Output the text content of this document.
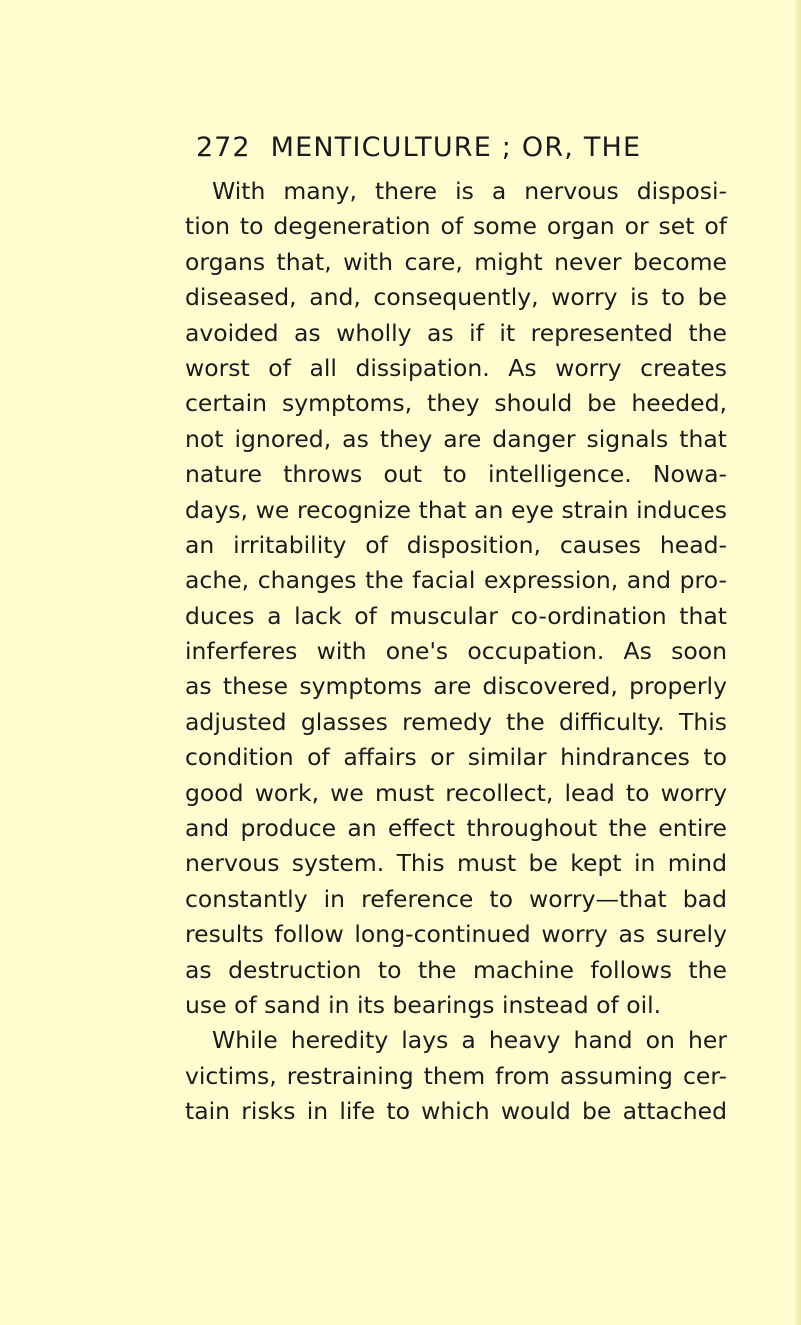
272 MENTICULTURE ; OR, THE
With many, there is a nervous disposi-
tion to degeneration of some organ or set of
organs that, with care, might never become
diseased, and, consequently, worry is to be
avoided as wholly as if it represented the
worst of all dissipation. As worry creates
certain symptoms, they should be heeded,
not ignored, as they are danger signals that
nature throws out to intelligence. Nowa-
days, we recognize that an eye strain induces
an irritability of disposition, causes head-
ache, changes the facial expression, and pro-
duces a lack of muscular co-ordination that
inferferes with one's occupation. As soon
as these symptoms are discovered, properly
adjusted glasses remedy the difficulty. This
condition of affairs or similar hindrances to
good work, we must recollect, lead to worry
and produce an effect throughout the entire
nervous system. This must be kept in mind
constantly in reference to worry—that bad
results follow long-continued worry as surely
as destruction to the machine follows the
use of sand in its bearings instead of oil.
While heredity lays a heavy hand on her
victims, restraining them from assuming cer-
tain risks in life to which would be attached
